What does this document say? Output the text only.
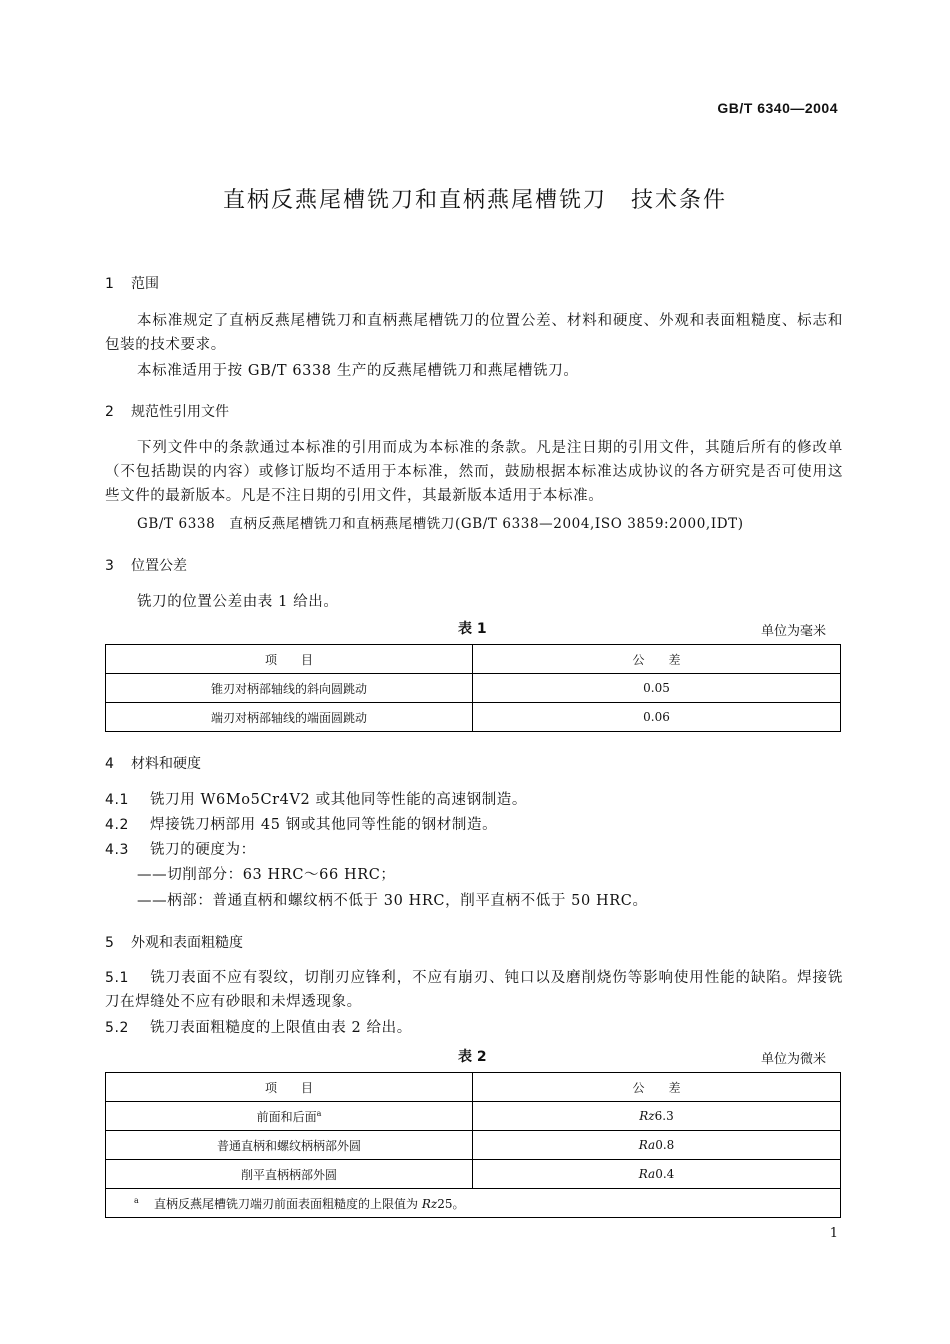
GB/T 6340—2004
直柄反燕尾槽铣刀和直柄燕尾槽铣刀　技术条件
1 范围
本标准规定了直柄反燕尾槽铣刀和直柄燕尾槽铣刀的位置公差、材料和硬度、外观和表面粗糙度、标志和包装的技术要求。
本标准适用于按 GB/T 6338 生产的反燕尾槽铣刀和燕尾槽铣刀。
2 规范性引用文件
下列文件中的条款通过本标准的引用而成为本标准的条款。凡是注日期的引用文件，其随后所有的修改单（不包括勘误的内容）或修订版均不适用于本标准，然而，鼓励根据本标准达成协议的各方研究是否可使用这些文件的最新版本。凡是不注日期的引用文件，其最新版本适用于本标准。
GB/T 6338　直柄反燕尾槽铣刀和直柄燕尾槽铣刀(GB/T 6338—2004,ISO 3859:2000,IDT)
3 位置公差
铣刀的位置公差由表 1 给出。
表 1	单位为毫米
项　　目	公　　差
锥刃对柄部轴线的斜向圆跳动	0.05
端刃对柄部轴线的端面圆跳动	0.06
4 材料和硬度
4.1 铣刀用 W6Mo5Cr4V2 或其他同等性能的高速钢制造。
4.2 焊接铣刀柄部用 45 钢或其他同等性能的钢材制造。
4.3 铣刀的硬度为：
——切削部分：63 HRC～66 HRC；
——柄部：普通直柄和螺纹柄不低于 30 HRC，削平直柄不低于 50 HRC。
5 外观和表面粗糙度
5.1 铣刀表面不应有裂纹，切削刃应锋利，不应有崩刃、钝口以及磨削烧伤等影响使用性能的缺陷。焊接铣刀在焊缝处不应有砂眼和未焊透现象。
5.2 铣刀表面粗糙度的上限值由表 2 给出。
表 2	单位为微米
项　　目	公　　差
前面和后面$^a$	Rz6.3
普通直柄和螺纹柄柄部外圆	Ra0.8
削平直柄柄部外圆	Ra0.4
$^a$ 直柄反燕尾槽铣刀端刃前面表面粗糙度的上限值为 Rz25。	
1
